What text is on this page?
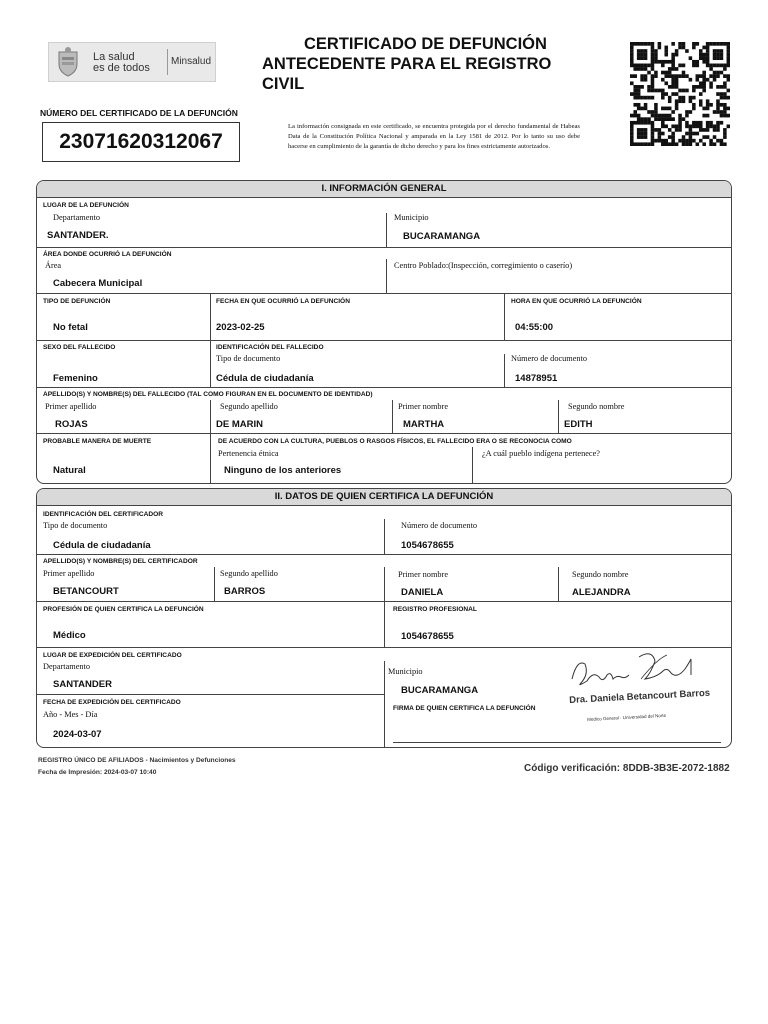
La salud
es de todos
Minsalud
CERTIFICADO DE DEFUNCIÓN
ANTECEDENTE PARA EL REGISTRO
CIVIL
NÚMERO DEL CERTIFICADO DE LA DEFUNCIÓN
23071620312067
La información consignada en este certificado, se encuentra protegida por el derecho fundamental de Habeas Data de la Constitución Política Nacional y amparada en la Ley 1581 de 2012. Por lo tanto su uso debe hacerse en cumplimiento de la garantía de dicho derecho y para los fines estrictamente autorizados.
I. INFORMACIÓN GENERAL
LUGAR DE LA DEFUNCIÓN
Departamento
SANTANDER.
Municipio
BUCARAMANGA
ÁREA DONDE OCURRIÓ LA DEFUNCIÓN
Área
Cabecera Municipal
Centro Poblado:(Inspección, corregimiento o caserío)
TIPO DE DEFUNCIÓN
No fetal
FECHA EN QUE OCURRIÓ LA DEFUNCIÓN
2023-02-25
HORA EN QUE OCURRIÓ LA DEFUNCIÓN
04:55:00
SEXO DEL FALLECIDO
Femenino
IDENTIFICACIÓN DEL FALLECIDO
Tipo de documento
Cédula de ciudadanía
Número de documento
14878951
APELLIDO(S) Y NOMBRE(S) DEL FALLECIDO (TAL COMO FIGURAN EN EL DOCUMENTO DE IDENTIDAD)
Primer apellido
ROJAS
Segundo apellido
DE MARIN
Primer nombre
MARTHA
Segundo nombre
EDITH
PROBABLE MANERA DE MUERTE
Natural
DE ACUERDO CON LA CULTURA, PUEBLOS O RASGOS FÍSICOS, EL FALLECIDO ERA O SE RECONOCIA COMO
Pertenencia étnica
Ninguno de los anteriores
¿A cuál pueblo indígena pertenece?
II. DATOS DE QUIEN CERTIFICA LA DEFUNCIÓN
IDENTIFICACIÓN DEL CERTIFICADOR
Tipo de documento
Cédula de ciudadanía
Número de documento
1054678655
APELLIDO(S) Y NOMBRE(S) DEL CERTIFICADOR
Primer apellido
BETANCOURT
Segundo apellido
BARROS
Primer nombre
DANIELA
Segundo nombre
ALEJANDRA
PROFESIÓN DE QUIEN CERTIFICA LA DEFUNCIÓN
Médico
REGISTRO PROFESIONAL
1054678655
LUGAR DE EXPEDICIÓN DEL CERTIFICADO
Departamento
SANTANDER
Municipio
BUCARAMANGA
FECHA DE EXPEDICIÓN DEL CERTIFICADO
Año - Mes - Día
2024-03-07
FIRMA DE QUIEN CERTIFICA LA DEFUNCIÓN
Dra. Daniela Betancourt Barros
Medico General - Universidad del Norte
REGISTRO ÚNICO DE AFILIADOS - Nacimientos y Defunciones
Fecha de Impresión: 2024-03-07 10:40	Código verificación: 8DDB-3B3E-2072-1882
